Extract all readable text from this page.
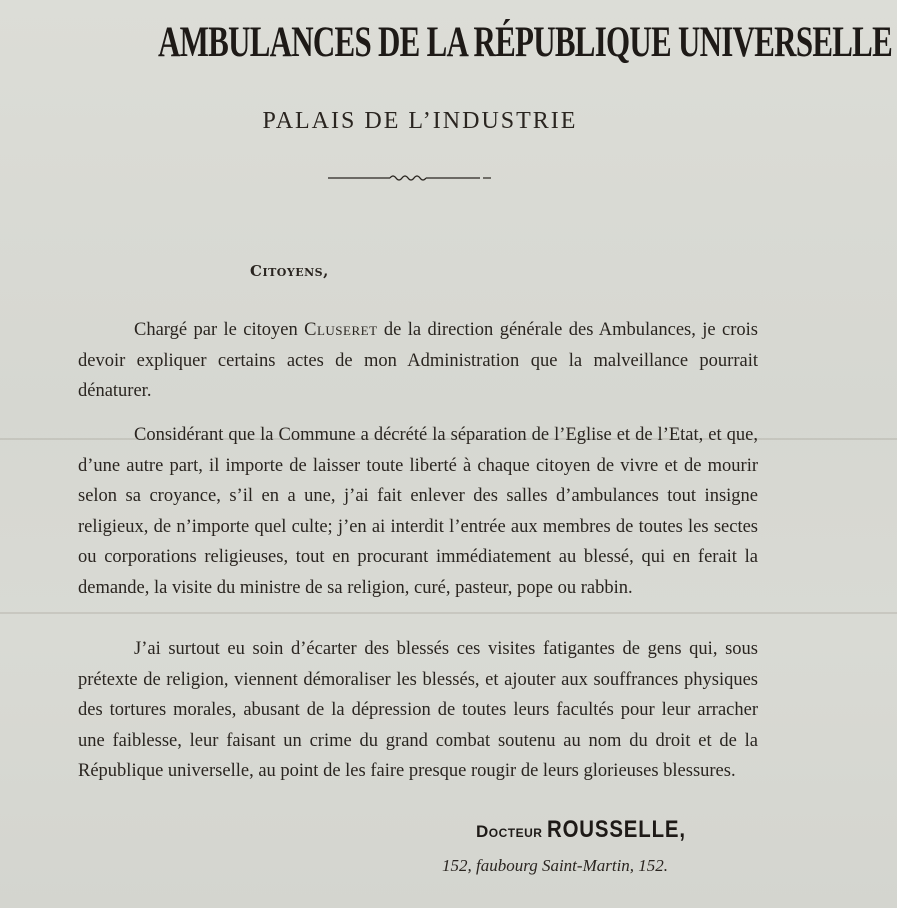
AMBULANCES DE LA RÉPUBLIQUE UNIVERSELLE
PALAIS DE L’INDUSTRIE
Citoyens,

Chargé par le citoyen Cluseret de la direction générale des Ambulances, je crois devoir expliquer certains actes de mon Administration que la malveillance pourrait dénaturer.

Considérant que la Commune a décrété la séparation de l’Eglise et de l’Etat, et que, d’une autre part, il importe de laisser toute liberté à chaque citoyen de vivre et de mourir selon sa croyance, s’il en a une, j’ai fait enlever des salles d’ambulances tout insigne religieux, de n’importe quel culte; j’en ai interdit l’entrée aux membres de toutes les sectes ou corporations religieuses, tout en procurant immédiatement au blessé, qui en ferait la demande, la visite du ministre de sa religion, curé, pasteur, pope ou rabbin.

J’ai surtout eu soin d’écarter des blessés ces visites fatigantes de gens qui, sous prétexte de religion, viennent démoraliser les blessés, et ajouter aux souffrances physiques des tortures morales, abusant de la dépression de toutes leurs facultés pour leur arracher une faiblesse, leur faisant un crime du grand combat soutenu au nom du droit et de la République universelle, au point de les faire presque rougir de leurs glorieuses blessures.

Docteur ROUSSELLE,
152, faubourg Saint-Martin, 152.
